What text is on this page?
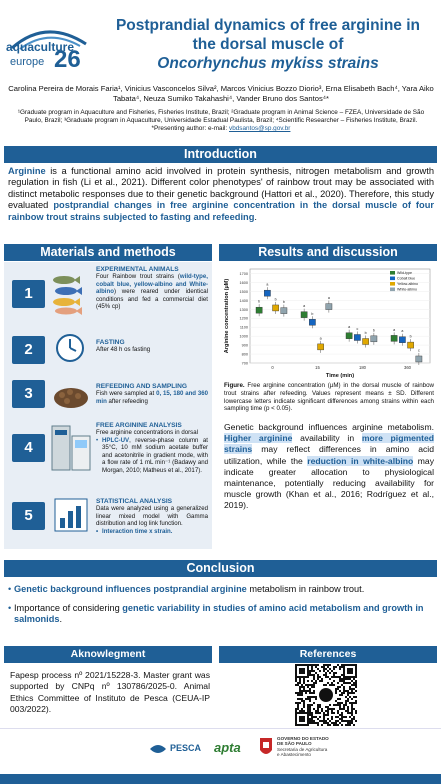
aquaculture
europe 26
Postprandial dynamics of free arginine in
the dorsal muscle of
Oncorhynchus mykiss strains
Carolina Pereira de Morais Faria¹, Vinicius Vasconcelos Silva², Marcos Vinicius Bozzo Diorio³, Erna Elisabeth Bach⁴, Yara Aiko Tabata⁴, Neuza Sumiko Takahashi⁴, Vander Bruno dos Santos⁴*
¹Graduate program in Aquaculture and Fisheries, Fisheries Institute, Brazil; ²Graduate program in Animal Science – FZEA, Universidade de São Paulo, Brazil; ³Graduate program in Aquaculture, Universidade Estadual Paulista, Brazil; ⁴Scientific Researcher – Fisheries Institute, Brazil. *Presenting author: e-mail: vbdsantos@sp.gov.br
Introduction
Arginine is a functional amino acid involved in protein synthesis, nitrogen metabolism and growth regulation in fish (Li et al., 2021). Different color phenotypes' of rainbow trout may be associated with distinct metabolic responses due to their genetic background (Hattori et al., 2020). Therefore, this study evaluated postprandial changes in free arginine concentration in the dorsal muscle of four rainbow trout strains subjected to fasting and refeeding.
Materials and methods
1
EXPERIMENTAL ANIMALS
Four Rainbow trout strains (wild-type, cobalt blue, yellow-albino and White-albino) were reared under identical conditions and fed a commercial diet (45% cp)
2	FASTING
After 48 h os fasting
3	REFEEDING AND SAMPLING
Fish were sampled at 0, 15, 180 and 360 min after refeeding
4
FREE ARGININE ANALYSIS
Free arginine concentrations in dorsal
• HPLC-UV, reverse-phase column at 35°C, 10 mM sodium acetate buffer and acetonitrile in gradient mode, with a flow rate of 1 mL min⁻¹ (Badawy and Morgan, 2010; Matheus et al., 2017).
5
STATISTICAL ANALYSIS
Data were analyzed using a generalized linear mixed model with Gamma distribution and log link function.
• Interaction time x strain.
Results and discussion
1700
1600
1500
1400
1300
1200
1100
1000
900
800
700
Arginine concentration (µM)
0
b
a
b
b
15
a
b
a
a
180
a c
b
b
360
a a
b
c
Time (min)
Wild-type
Cobalt blue
Yellow-albino
White-albino
Figure. Free arginine concentration (µM) in the dorsal muscle of rainbow trout strains after refeeding. Values represent means ± SD. Different lowercase letters indicate significant differences among strains within each sampling time (p < 0.05).
Genetic background influences arginine metabolism. Higher arginine availability in more pigmented strains may reflect differences in amino acid utilization, while the reduction in white-albino may indicate greater allocation to physiological maintenance, potentially reducing availability for muscle growth (Khan et al., 2016; Rodríguez et al., 2019).
Conclusion
• Genetic background influences postprandial arginine metabolism in rainbow trout.
• Importance of considering genetic variability in studies of amino acid metabolism and growth in salmonids.
Aknowlegment
Fapesp process nº 2021/15228-3. Master grant was supported by CNPq nº 130786/2025-0. Animal Ethics Committee of Instituto de Pesca (CEUA-IP 003/2022).
References
PESCA apta
GOVERNO DO ESTADO
DE SÃO PAULO
Secretaria de Agricultura
e Abastecimento
